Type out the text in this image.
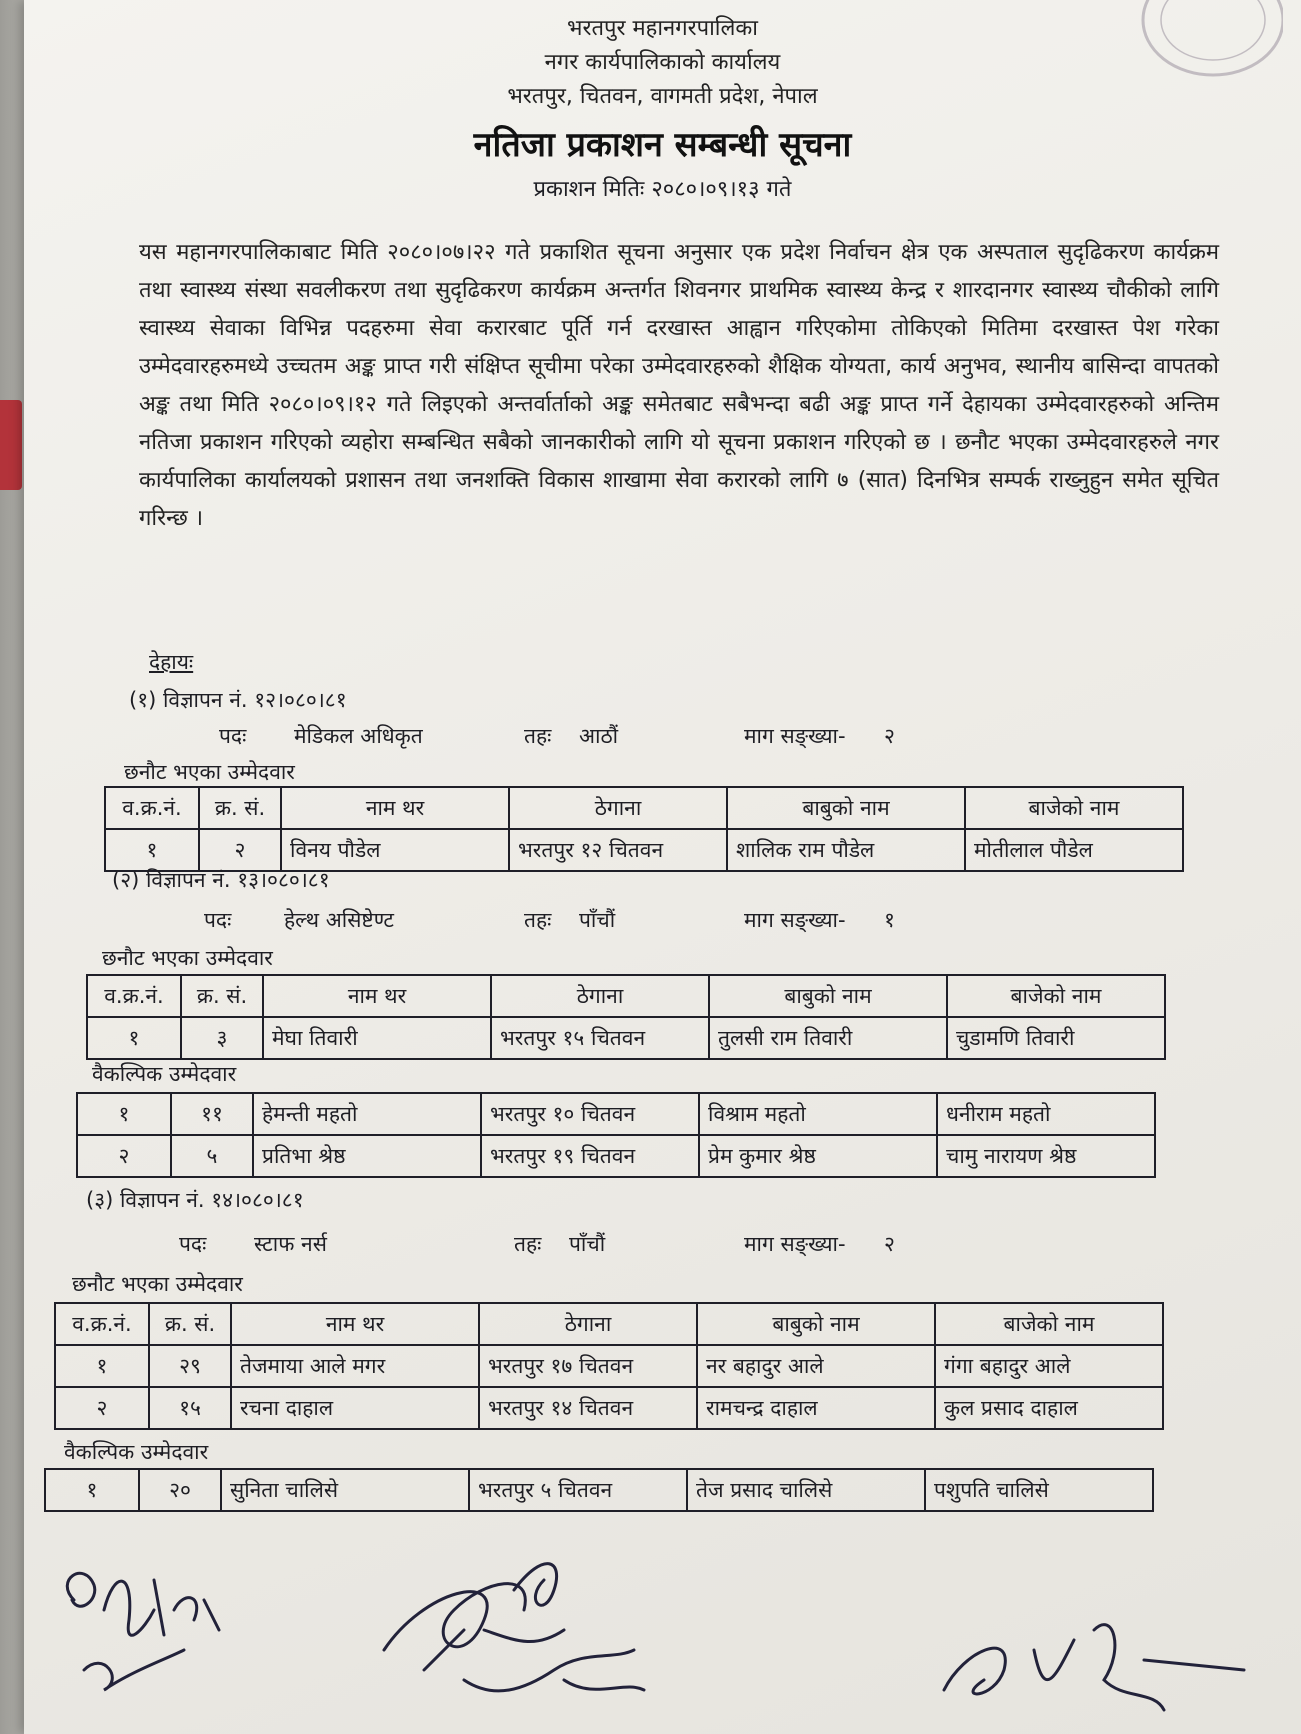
भरतपुर महानगरपालिका
नगर कार्यपालिकाको कार्यालय
भरतपुर, चितवन, वागमती प्रदेश, नेपाल
नतिजा प्रकाशन सम्बन्धी सूचना
प्रकाशन मितिः २०८०।०९।१३ गते
यस महानगरपालिकाबाट मिति २०८०।०७।२२ गते प्रकाशित सूचना अनुसार एक प्रदेश निर्वाचन क्षेत्र एक अस्पताल सुदृढिकरण कार्यक्रम तथा स्वास्थ्य संस्था सवलीकरण तथा सुदृढिकरण कार्यक्रम अन्तर्गत शिवनगर प्राथमिक स्वास्थ्य केन्द्र र शारदानगर स्वास्थ्य चौकीको लागि स्वास्थ्य सेवाका विभिन्न पदहरुमा सेवा करारबाट पूर्ति गर्न दरखास्त आह्वान गरिएकोमा तोकिएको मितिमा दरखास्त पेश गरेका उम्मेदवारहरुमध्ये उच्चतम अङ्क प्राप्त गरी संक्षिप्त सूचीमा परेका उम्मेदवारहरुको शैक्षिक योग्यता, कार्य अनुभव, स्थानीय बासिन्दा वापतको अङ्क तथा मिति २०८०।०९।१२ गते लिइएको अन्तर्वार्ताको अङ्क समेतबाट सबैभन्दा बढी अङ्क प्राप्त गर्ने देहायका उम्मेदवारहरुको अन्तिम नतिजा प्रकाशन गरिएको व्यहोरा सम्बन्धित सबैको जानकारीको लागि यो सूचना प्रकाशन गरिएको छ । छनौट भएका उम्मेदवारहरुले नगर कार्यपालिका कार्यालयको प्रशासन तथा जनशक्ति विकास शाखामा सेवा करारको लागि ७ (सात) दिनभित्र सम्पर्क राख्नुहुन समेत सूचित गरिन्छ ।
देहायः
(१) विज्ञापन नं. १२।०८०।८१
पदः मेडिकल अधिकृत	तहः आठौं	माग सङ्ख्या- २
छनौट भएका उम्मेदवार
व.क्र.नं.	क्र. सं.	नाम थर	ठेगाना	बाबुको नाम	बाजेको नाम
१	२	विनय पौडेल	भरतपुर १२ चितवन	शालिक राम पौडेल	मोतीलाल पौडेल
(२) विज्ञापन नं. १३।०८०।८१
पदः	हेल्थ असिष्टेण्ट	तहः पाँचौं	माग सङ्ख्या- १
छनौट भएका उम्मेदवार
व.क्र.नं.	क्र. सं.	नाम थर	ठेगाना	बाबुको नाम	बाजेको नाम
१	३	मेघा तिवारी	भरतपुर १५ चितवन	तुलसी राम तिवारी	चुडामणि तिवारी
वैकल्पिक उम्मेदवार
१	११	हेमन्ती महतो	भरतपुर १० चितवन	विश्राम महतो	धनीराम महतो
२	५	प्रतिभा श्रेष्ठ	भरतपुर १९ चितवन	प्रेम कुमार श्रेष्ठ	चामु नारायण श्रेष्ठ
(३) विज्ञापन नं. १४।०८०।८१
पदः स्टाफ नर्स	तहः पाँचौं	माग सङ्ख्या- २
छनौट भएका उम्मेदवार
व.क्र.नं.	क्र. सं.	नाम थर	ठेगाना	बाबुको नाम	बाजेको नाम
१	२९	तेजमाया आले मगर	भरतपुर १७ चितवन	नर बहादुर आले	गंगा बहादुर आले
२	१५	रचना दाहाल	भरतपुर १४ चितवन	रामचन्द्र दाहाल	कुल प्रसाद दाहाल
वैकल्पिक उम्मेदवार
१	२०	सुनिता चालिसे	भरतपुर ५ चितवन	तेज प्रसाद चालिसे	पशुपति चालिसे
